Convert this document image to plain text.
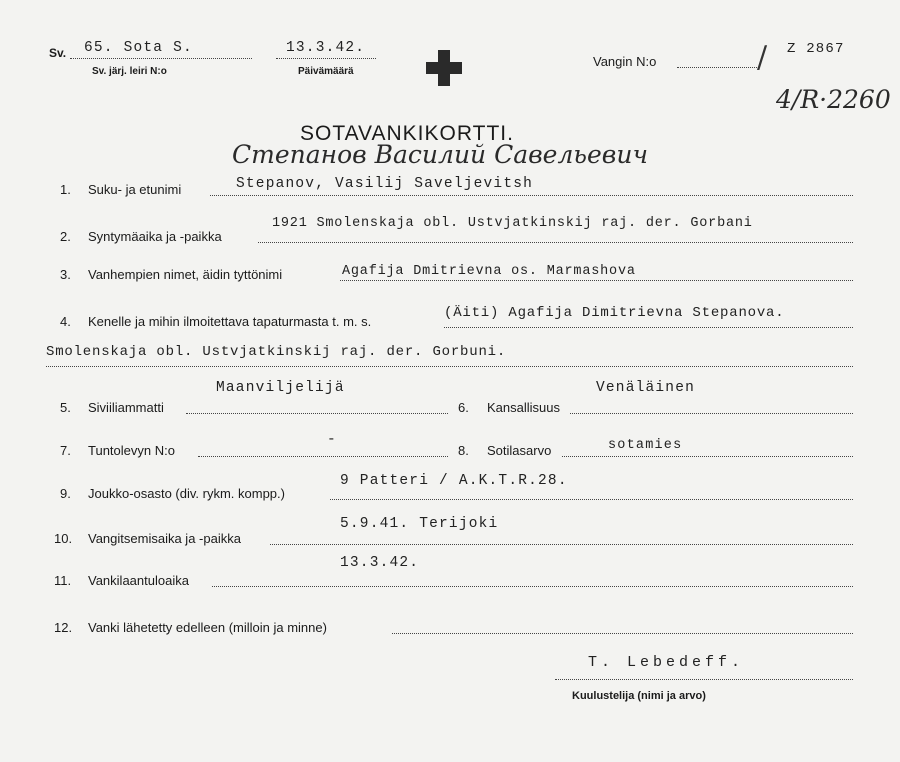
Sv. 65. Sota S.
Sv. järj. leiri N:o
13.3.42.
Päivämäärä
Vangin N:o	/ Z 2867
4/R·2260
SOTAVANKIKORTTI.
Степанов Василий Савельевич
1. Suku- ja etunimi	Stepanov, Vasilij Saveljevitsh
2. Syntymäaika ja -paikka
1921 Smolenskaja obl. Ustvjatkinskij raj. der. Gorbani
3. Vanhempien nimet, äidin tyttönimi	Agafija Dmitrievna os. Marmashova
4. Kenelle ja mihin ilmoitettava tapaturmasta t. m. s.
(Äiti) Agafija Dimitrievna Stepanova.
Smolenskaja obl. Ustvjatkinskij raj. der. Gorbuni.
5. Siviiliammatti
Maanviljelijä
6. Kansallisuus
Venäläinen
7. Tuntolevyn N:o
-
8. Sotilasarvo	sotamies
9. Joukko-osasto (div. rykm. kompp.)
9 Patteri / A.K.T.R.28.
10. Vangitsemisaika ja -paikka
5.9.41. Terijoki
11. Vankilaantuloaika
13.3.42.
12. Vanki lähetetty edelleen (milloin ja minne)
T. Lebedeff.
Kuulustelija (nimi ja arvo)
